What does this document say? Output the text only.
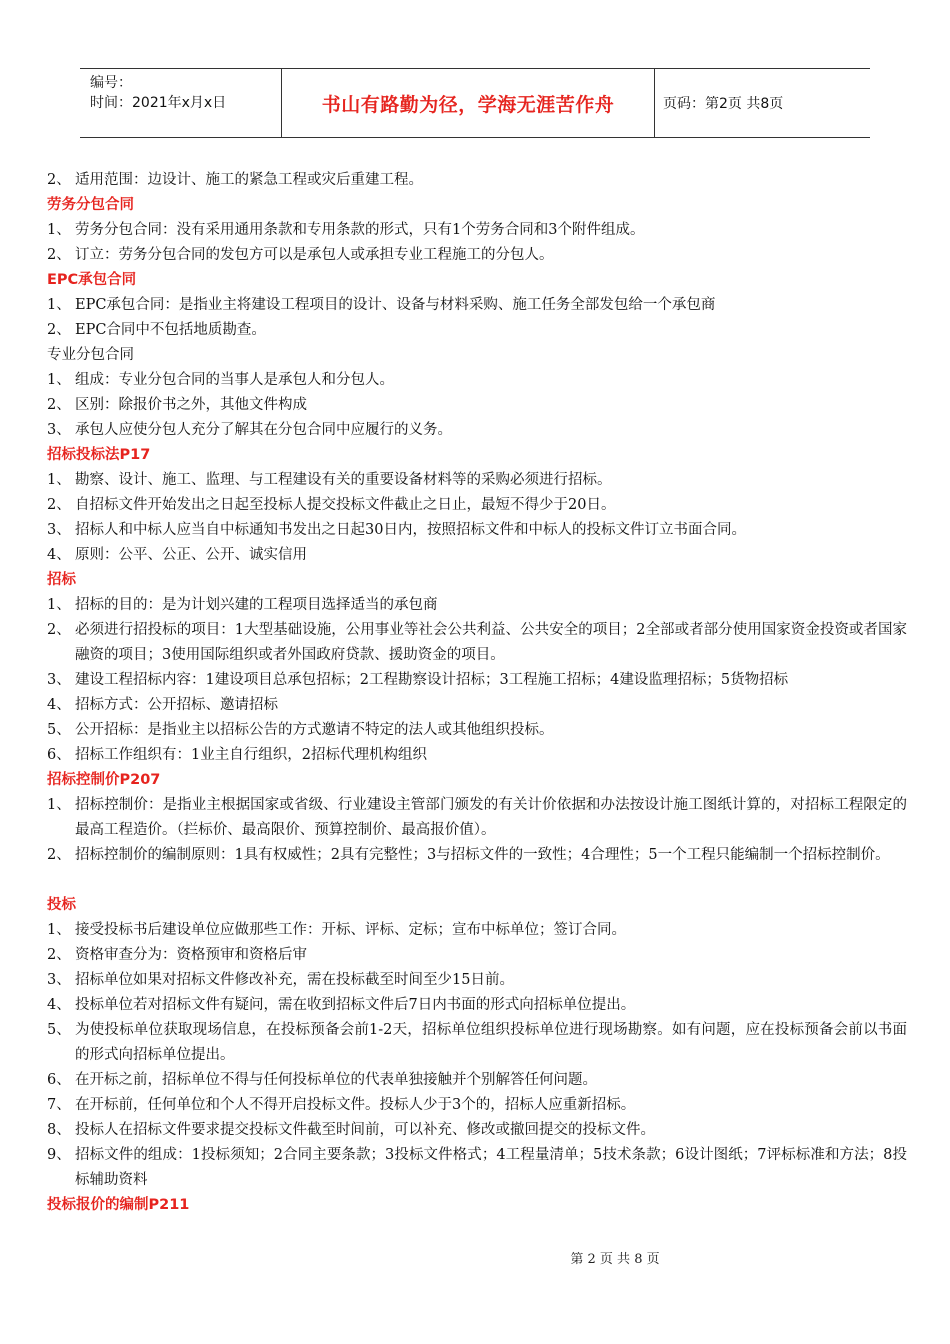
编号：
时间：2021年x月x日	书山有路勤为径，学海无涯苦作舟	页码：第2页 共8页
2、 适用范围：边设计、施工的紧急工程或灾后重建工程。
劳务分包合同
1、 劳务分包合同：没有采用通用条款和专用条款的形式，只有1个劳务合同和3个附件组成。
2、 订立：劳务分包合同的发包方可以是承包人或承担专业工程施工的分包人。
EPC承包合同
1、 EPC承包合同：是指业主将建设工程项目的设计、设备与材料采购、施工任务全部发包给一个承包商
2、 EPC合同中不包括地质勘查。
专业分包合同
1、 组成：专业分包合同的当事人是承包人和分包人。
2、 区别：除报价书之外，其他文件构成
3、 承包人应使分包人充分了解其在分包合同中应履行的义务。
招标投标法P17
1、 勘察、设计、施工、监理、与工程建设有关的重要设备材料等的采购必须进行招标。
2、 自招标文件开始发出之日起至投标人提交投标文件截止之日止，最短不得少于20日。
3、 招标人和中标人应当自中标通知书发出之日起30日内，按照招标文件和中标人的投标文件订立书面合同。
4、 原则：公平、公正、公开、诚实信用
招标
1、 招标的目的：是为计划兴建的工程项目选择适当的承包商
2、 必须进行招投标的项目：1大型基础设施，公用事业等社会公共利益、公共安全的项目；2全部或者部分使用国家资金投资或者国家融资的项目；3使用国际组织或者外国政府贷款、援助资金的项目。
3、 建设工程招标内容：1建设项目总承包招标；2工程勘察设计招标；3工程施工招标；4建设监理招标；5货物招标
4、 招标方式：公开招标、邀请招标
5、 公开招标：是指业主以招标公告的方式邀请不特定的法人或其他组织投标。
6、 招标工作组织有：1业主自行组织，2招标代理机构组织
招标控制价P207
1、 招标控制价：是指业主根据国家或省级、行业建设主管部门颁发的有关计价依据和办法按设计施工图纸计算的，对招标工程限定的最高工程造价。（拦标价、最高限价、预算控制价、最高报价值）。
2、 招标控制价的编制原则：1具有权威性；2具有完整性；3与招标文件的一致性；4合理性；5一个工程只能编制一个招标控制价。
投标
1、 接受投标书后建设单位应做那些工作：开标、评标、定标；宣布中标单位；签订合同。
2、 资格审查分为：资格预审和资格后审
3、 招标单位如果对招标文件修改补充，需在投标截至时间至少15日前。
4、 投标单位若对招标文件有疑问，需在收到招标文件后7日内书面的形式向招标单位提出。
5、 为使投标单位获取现场信息，在投标预备会前1-2天，招标单位组织投标单位进行现场勘察。如有问题，应在投标预备会前以书面的形式向招标单位提出。
6、 在开标之前，招标单位不得与任何投标单位的代表单独接触并个别解答任何问题。
7、 在开标前，任何单位和个人不得开启投标文件。投标人少于3个的，招标人应重新招标。
8、 投标人在招标文件要求提交投标文件截至时间前，可以补充、修改或撤回提交的投标文件。
9、 招标文件的组成：1投标须知；2合同主要条款；3投标文件格式；4工程量清单；5技术条款；6设计图纸；7评标标准和方法；8投标辅助资料
投标报价的编制P211
第 2 页 共 8 页
